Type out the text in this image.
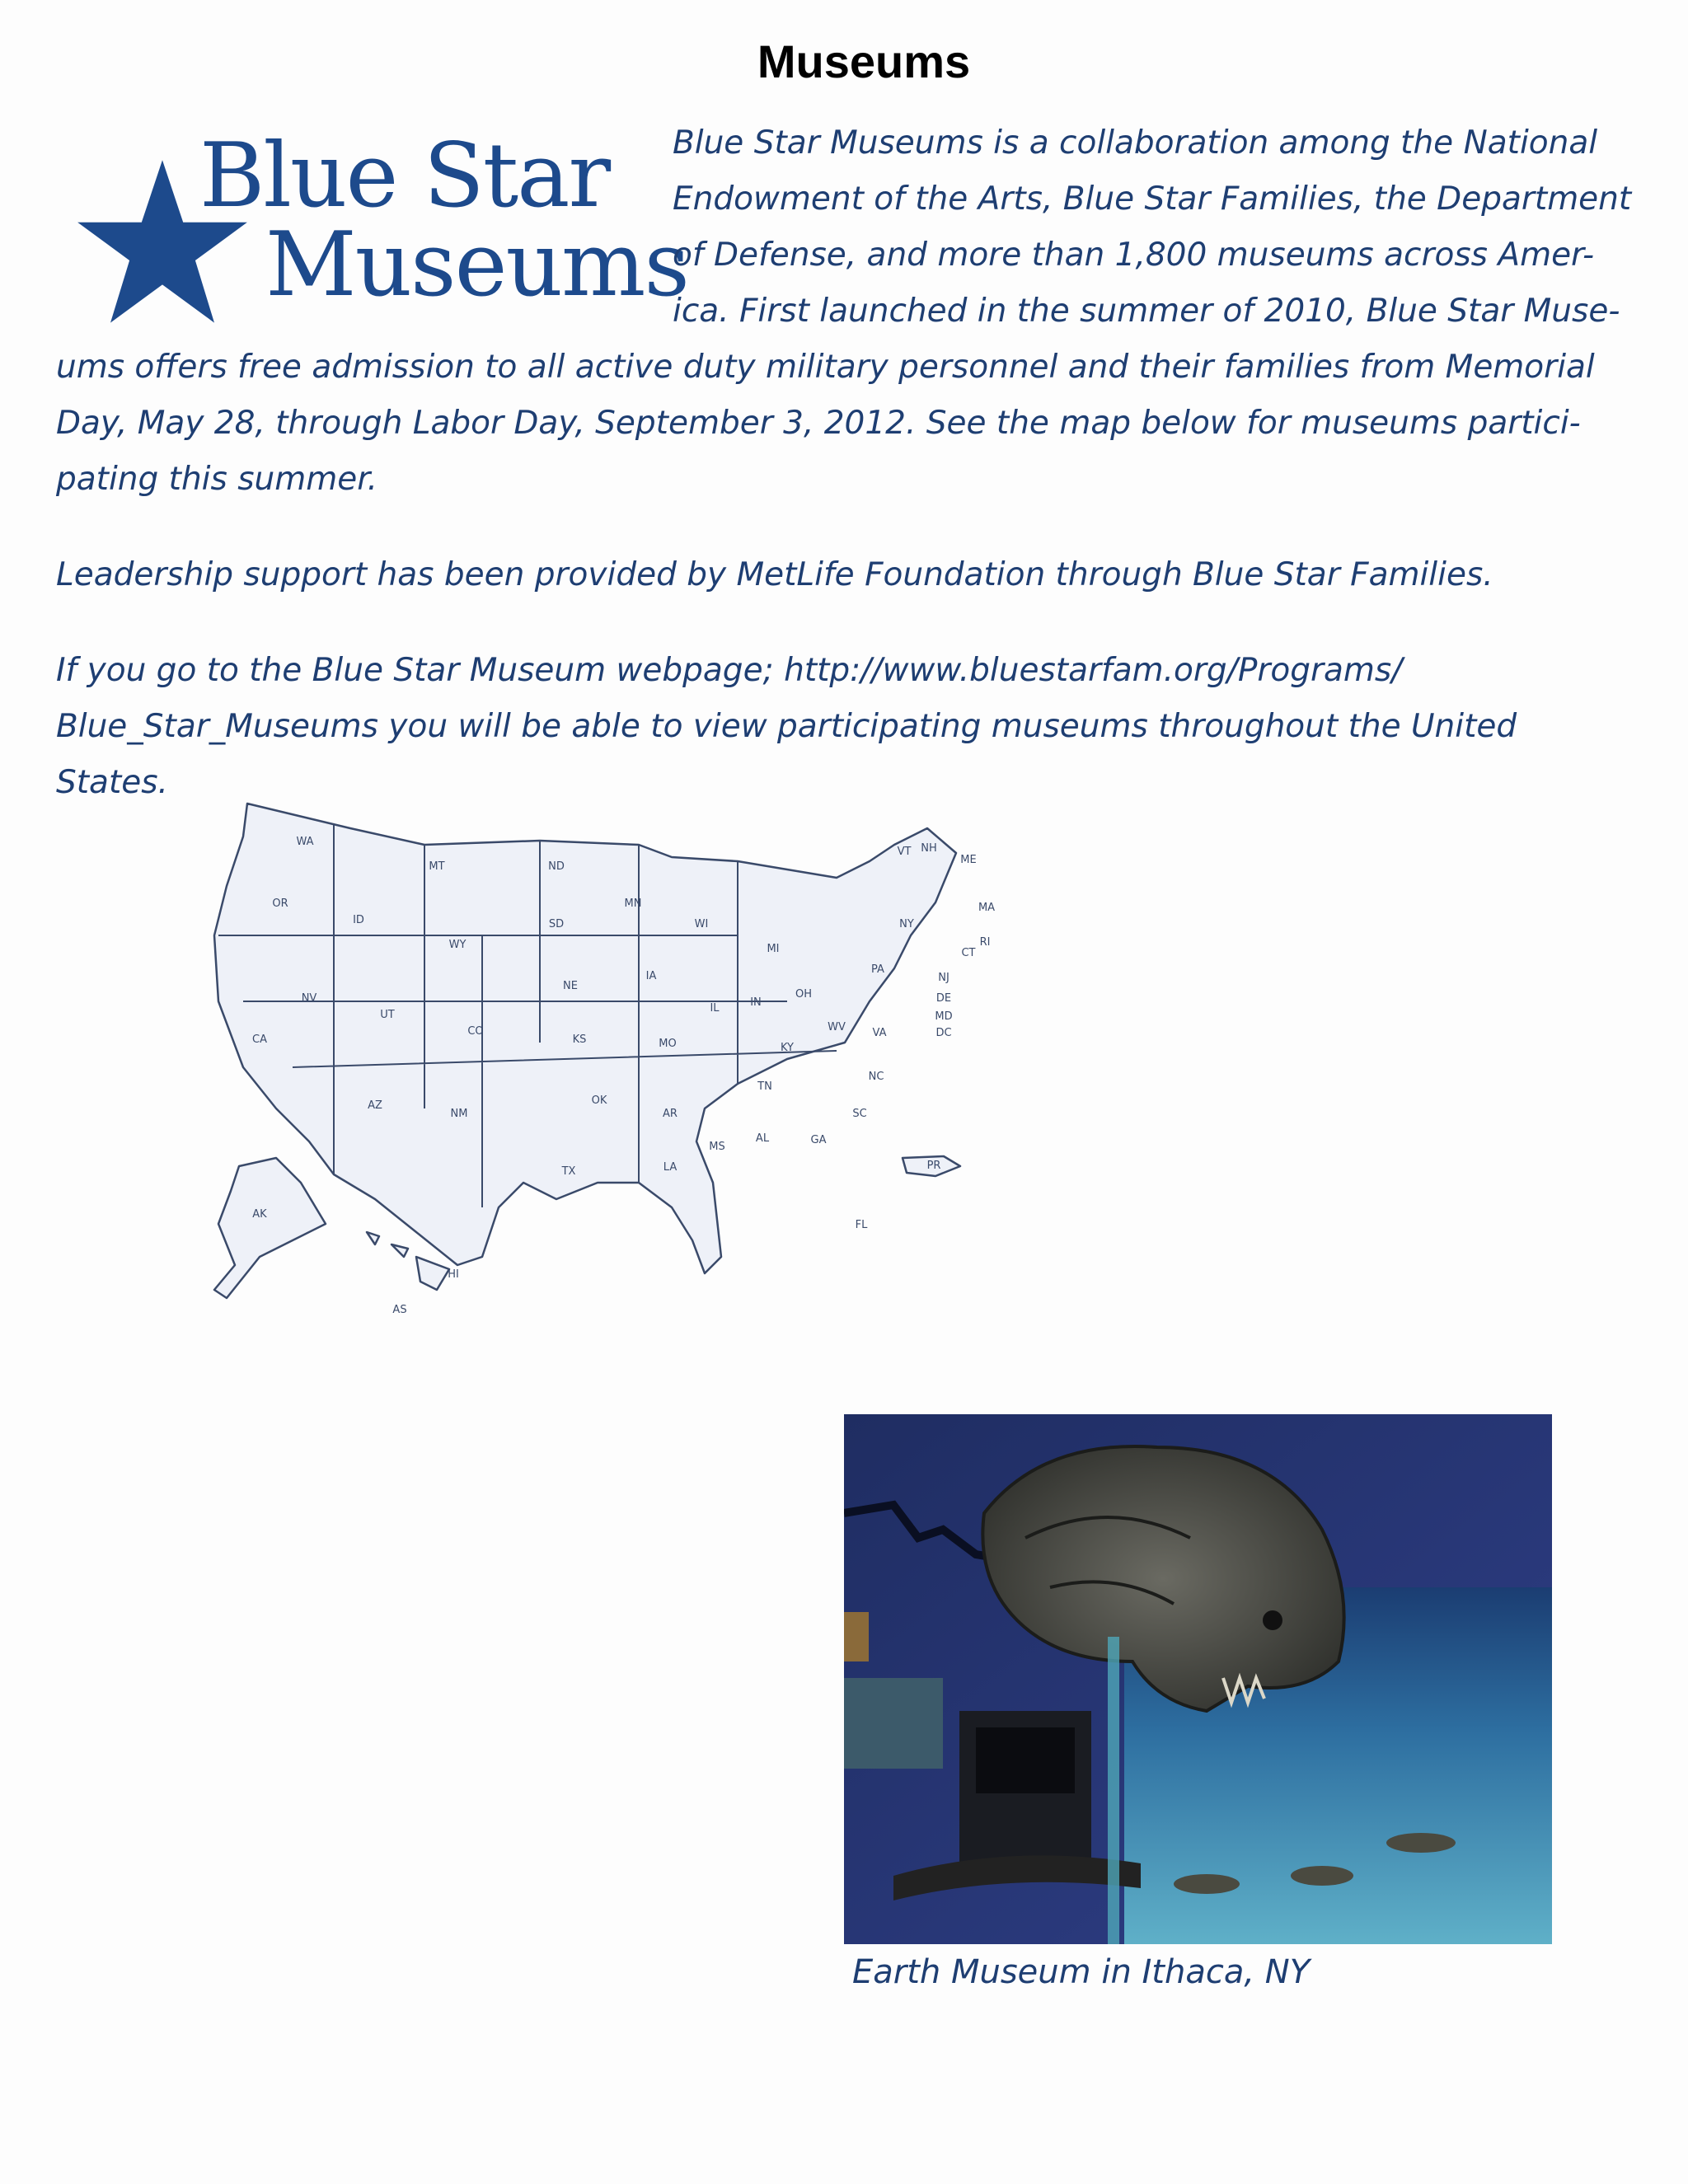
Museums
Blue Star
Museums
Blue Star Museums is a collaboration among the National
Endowment of the Arts, Blue Star Families, the Department
of Defense, and more than 1,800 museums across Amer-
ica. First launched in the summer of 2010, Blue Star Muse-
ums offers free admission to all active duty military personnel and their families from Memorial
Day, May 28, through Labor Day, September 3, 2012. See the map below for museums partici-
pating this summer.
Leadership support has been provided by MetLife Foundation through Blue Star Families.
If you go to the Blue Star Museum webpage; http://www.bluestarfam.org/Programs/
Blue_Star_Museums you will be able to view participating museums throughout the United
States.
WA
OR
CA
NV
ID
MT
WY
UT
AZ
CO
NM
ND
SD
NE
KS
OK
TX
MN
IA
MO
AR
LA
WI
IL
MI
IN
OH
KY
TN
MS
AL	GA
FL
SC
NC
VA
WV
PA
NY
VT NH
ME
MA
RI
CT
NJ
DE
MD
DC
AK
HI
AS
PR
Earth Museum in Ithaca, NY
